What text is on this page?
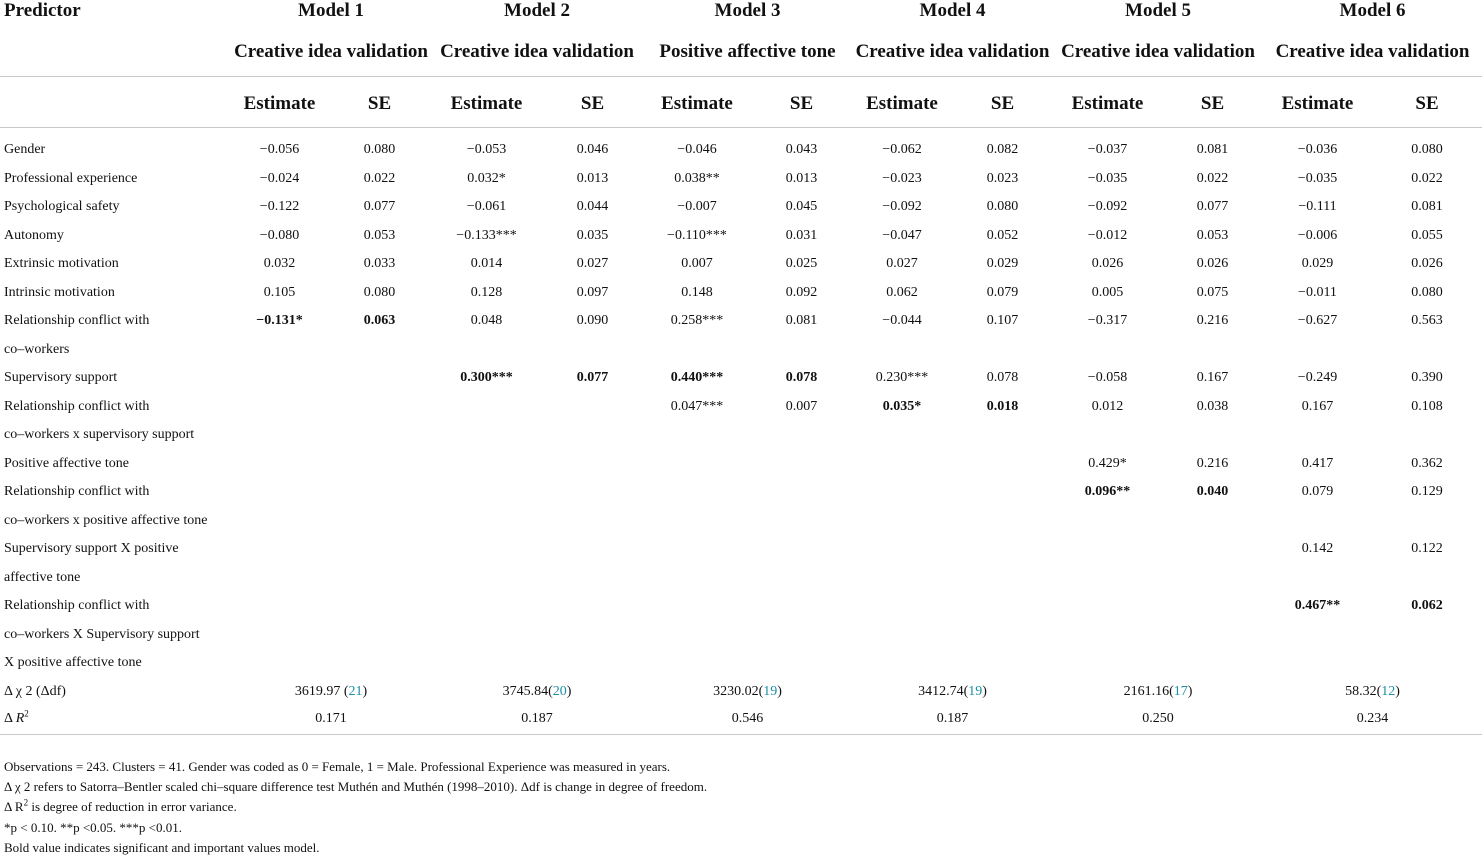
Predictor	Model 1		Model 2		Model 3		Model 4		Model 5		Model 6	
	Creative idea validation		Creative idea validation		Positive affective tone		Creative idea validation		Creative idea validation		Creative idea validation	
	Estimate	SE	Estimate	SE	Estimate	SE	Estimate	SE	Estimate	SE	Estimate	SE

Gender	−0.056	0.080	−0.053	0.046	−0.046	0.043	−0.062	0.082	−0.037	0.081	−0.036	0.080
Professional experience	−0.024	0.022	0.032*	0.013	0.038**	0.013	−0.023	0.023	−0.035	0.022	−0.035	0.022
Psychological safety	−0.122	0.077	−0.061	0.044	−0.007	0.045	−0.092	0.080	−0.092	0.077	−0.111	0.081
Autonomy	−0.080	0.053	−0.133***	0.035	−0.110***	0.031	−0.047	0.052	−0.012	0.053	−0.006	0.055
Extrinsic motivation	0.032	0.033	0.014	0.027	0.007	0.025	0.027	0.029	0.026	0.026	0.029	0.026
Intrinsic motivation	0.105	0.080	0.128	0.097	0.148	0.092	0.062	0.079	0.005	0.075	−0.011	0.080
Relationship conflict with	−0.131*	0.063	0.048	0.090	0.258***	0.081	−0.044	0.107	−0.317	0.216	−0.627	0.563
co–workers												
Supervisory support			0.300***	0.077	0.440***	0.078	0.230***	0.078	−0.058	0.167	−0.249	0.390
Relationship conflict with					0.047***	0.007	0.035*	0.018	0.012	0.038	0.167	0.108
co–workers x supervisory support												
Positive affective tone									0.429*	0.216	0.417	0.362
Relationship conflict with									0.096**	0.040	0.079	0.129
co–workers x positive affective tone												
Supervisory support X positive											0.142	0.122
affective tone												
Relationship conflict with											0.467**	0.062
co–workers X Supervisory support												
X positive affective tone												
Δ χ 2 (Δdf)	3619.97 (21)		3745.84(20)		3230.02(19)		3412.74(19)		2161.16(17)		58.32(12)	
Δ $R^2$	0.171		0.187		0.546		0.187		0.250		0.234	
Observations = 243. Clusters = 41. Gender was coded as 0 = Female, 1 = Male. Professional Experience was measured in years.
Δ χ 2 refers to Satorra–Bentler scaled chi–square difference test Muthén and Muthén (1998–2010). Δdf is change in degree of freedom.
Δ $R^2$ is degree of reduction in error variance.
*p < 0.10. **p <0.05. ***p <0.01.
Bold value indicates significant and important values model.
